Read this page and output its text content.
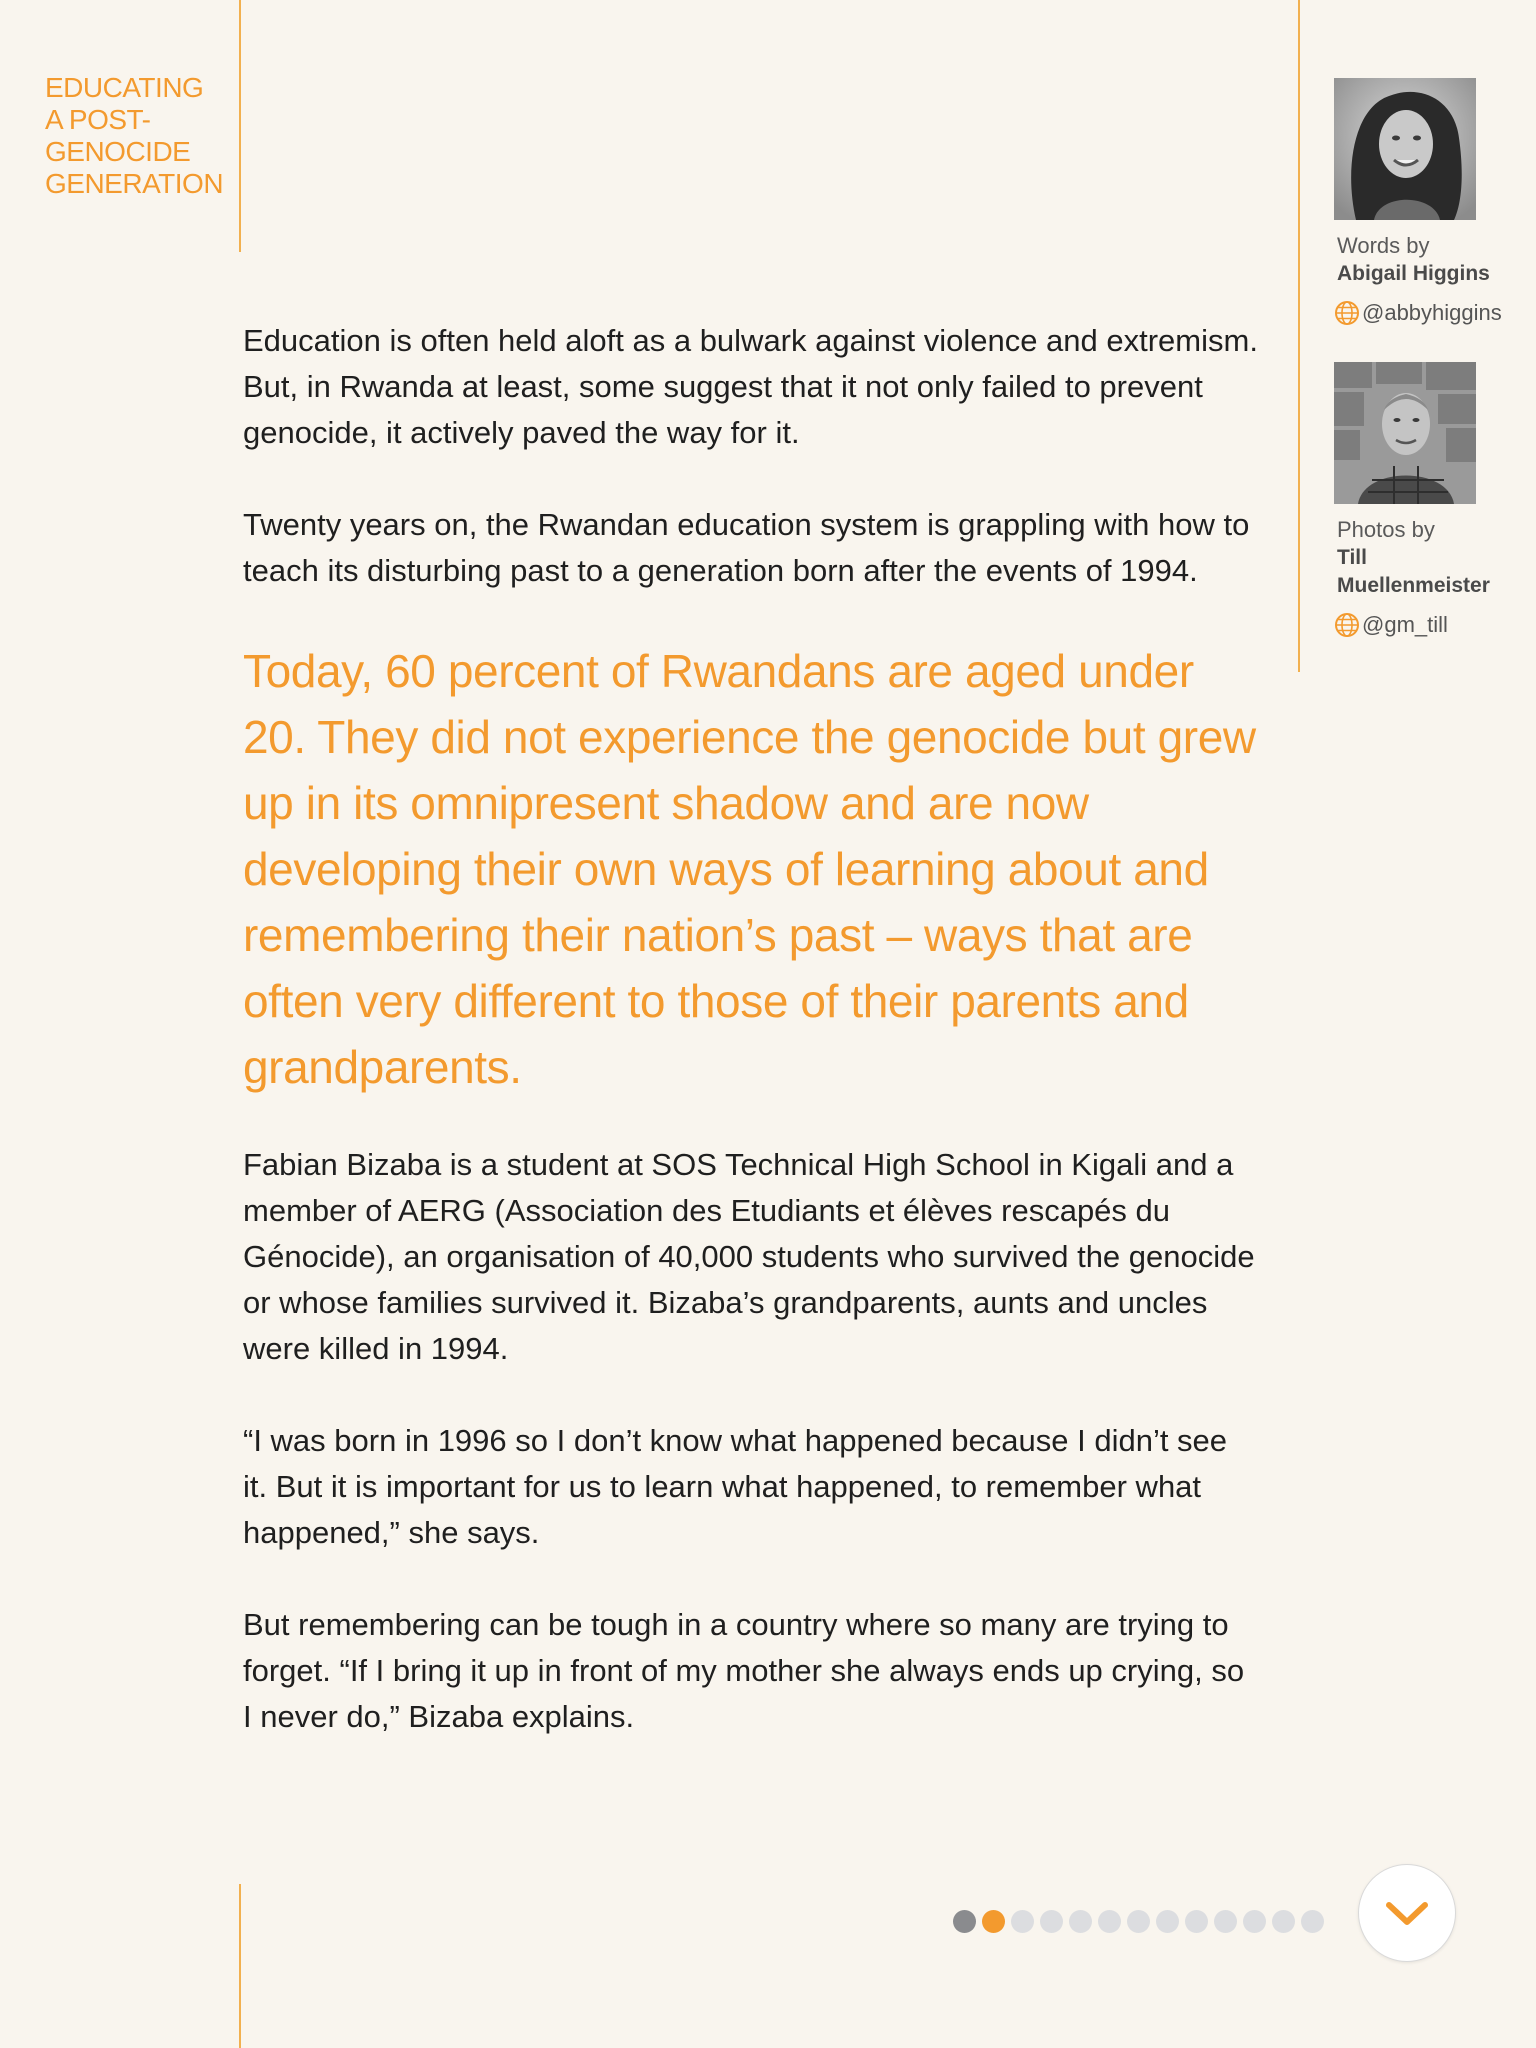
EDUCATING
A POST-
GENOCIDE
GENERATION

Education is often held aloft as a bulwark against violence and extremism. But, in Rwanda at least, some suggest that it not only failed to prevent genocide, it actively paved the way for it.

Twenty years on, the Rwandan education system is grappling with how to teach its disturbing past to a generation born after the events of 1994.

Today, 60 percent of Rwandans are aged under 20. They did not experience the genocide but grew up in its omnipresent shadow and are now developing their own ways of learning about and remembering their nation’s past – ways that are often very different to those of their parents and grandparents.

Fabian Bizaba is a student at SOS Technical High School in Kigali and a member of AERG (Association des Etudiants et élèves rescapés du Génocide), an organisation of 40,000 students who survived the genocide or whose families survived it. Bizaba’s grandparents, aunts and uncles were killed in 1994.

“I was born in 1996 so I don’t know what happened because I didn’t see it. But it is important for us to learn what happened, to remember what happened,” she says.

But remembering can be tough in a country where so many are trying to forget. “If I bring it up in front of my mother she always ends up crying, so I never do,” Bizaba explains.

Words by
Abigail Higgins
@abbyhiggins
Photos by
Till
Muellenmeister
@gm_till
